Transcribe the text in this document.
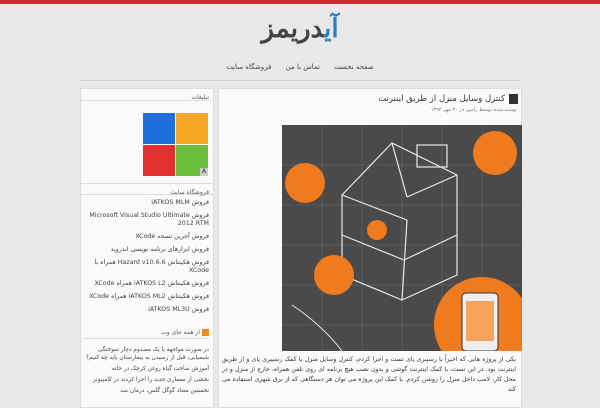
آیدریمز
صفحه نخست تماس با من فروشگاه سایت
تبلیغات
A
فروشگاه سایت
فروش iATKOS MLM
فروش Microsoft Visual Studio Ultimate 2012 RTM
فروش آخرین نسخه XCode
فروش ابزارهای برنامه نویسی اندروید
فروش هکینتاش Hazard v10.6.6 همراه با XCode
فروش هکینتاش iATKOS L2 همراه XCode
فروش هکینتاش iATKOS ML2 همراه XCode
فروش iATKOS ML3U
از همه جای وب
در صورت مواجهه با یک مصدوم دچار سوختگی شیمیایی، قبل از رسیدن به بیمارستان باید چه کنیم؟
آموزش ساخت گیاه روغن کرچک در خانه
بخشی از معماری جدید را اجرا کردند در کامپیوتر
نخستین معتاد گوگل گلس، درمان شد
کنترل وسایل منزل از طریق اینترنت
نوشته شده توسط رامین در ۲۰ مهر ۱۳۹۲
یکی از پروژه هایی که اخیراً با رسپبری پای تست و اجرا کردم، کنترل وسایل منزل با کمک رسپبری پای و از طریق اینترنت بود. در این تست، با کمک اینترنت گوشی و بدون نصب هیچ برنامه ای روی تلفن همراه، خارج از منزل و در محل کار، لامپ داخل منزل را روشن کردم. با کمک این پروژه می توان هر دستگاهی که از برق شهری استفاده می کند
